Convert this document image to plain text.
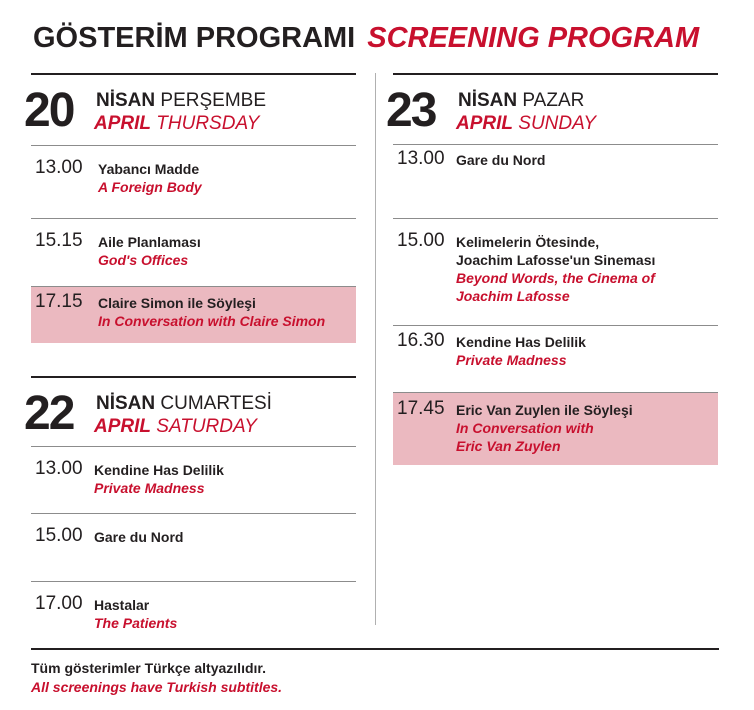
GÖSTERİM PROGRAMI SCREENING PROGRAM
20 NİSAN PERŞEMBE
APRIL THURSDAY
13.00 Yabancı Madde
A Foreign Body
15.15 Aile Planlaması
God's Offices
17.15 Claire Simon ile Söyleşi
In Conversation with Claire Simon
22 NİSAN CUMARTESİ
APRIL SATURDAY
13.00 Kendine Has Delilik
Private Madness
15.00 Gare du Nord
17.00 Hastalar
The Patients
23 NİSAN PAZAR
APRIL SUNDAY
13.00 Gare du Nord
15.00 Kelimelerin Ötesinde,
Joachim Lafosse'un Sineması
Beyond Words, the Cinema of
Joachim Lafosse
16.30 Kendine Has Delilik
Private Madness
17.45 Eric Van Zuylen ile Söyleşi
In Conversation with
Eric Van Zuylen
Tüm gösterimler Türkçe altyazılıdır.
All screenings have Turkish subtitles.
